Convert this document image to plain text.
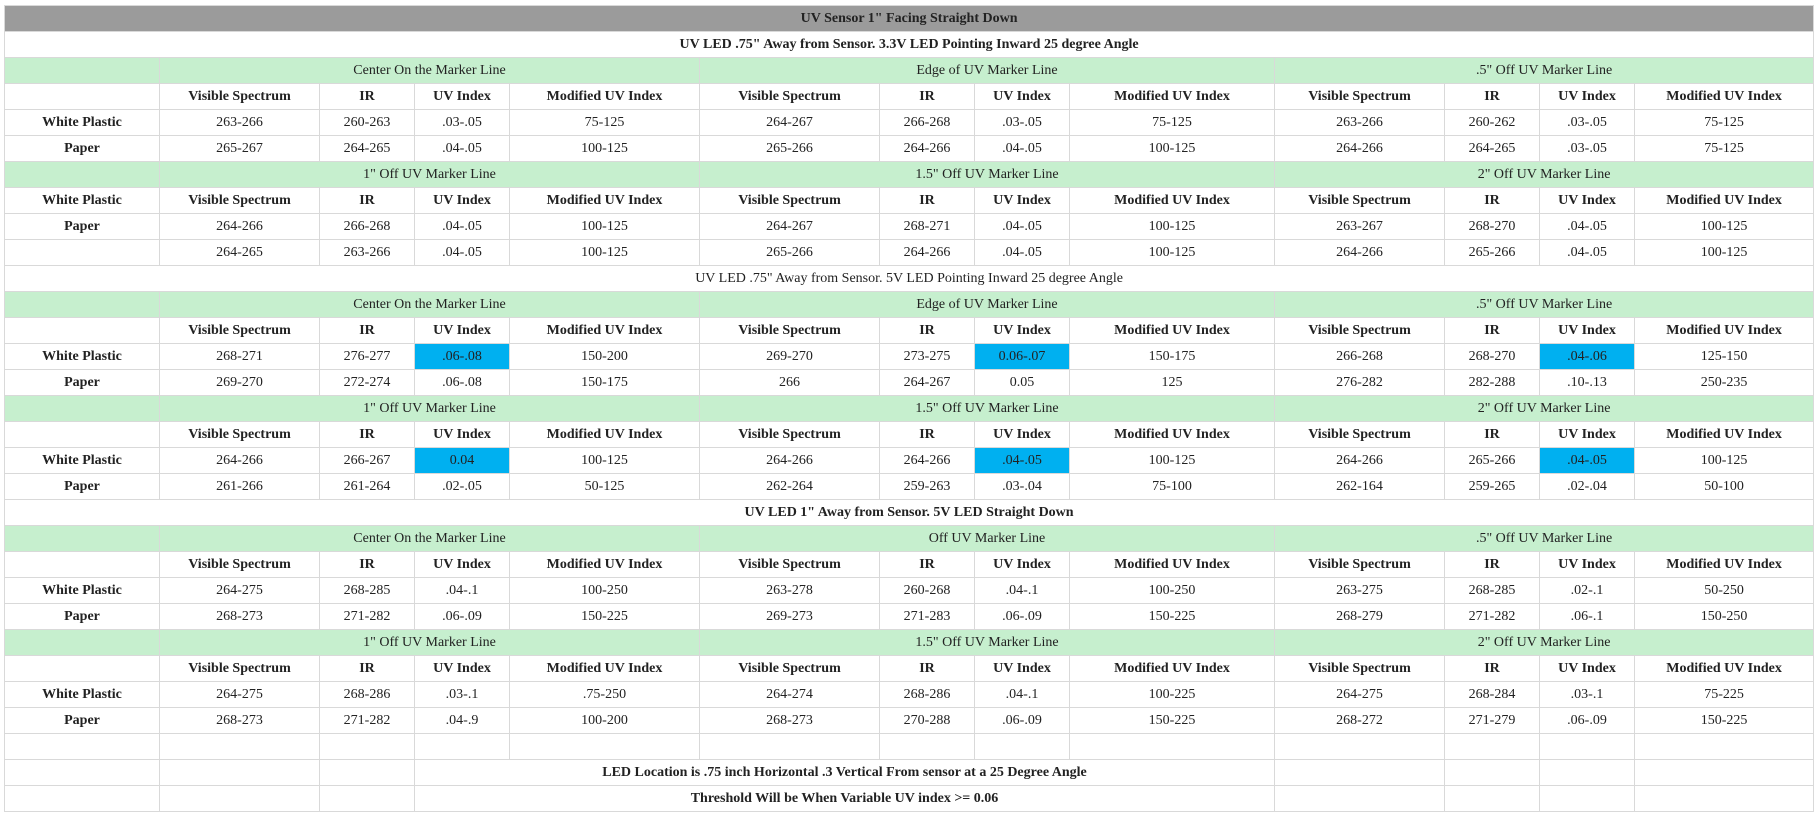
UV Sensor 1" Facing Straight Down												
UV LED .75" Away from Sensor. 3.3V LED Pointing Inward 25 degree Angle												
	Center On the Marker Line				Edge of UV Marker Line				.5" Off UV Marker Line			
	Visible Spectrum	IR	UV Index	Modified UV Index	Visible Spectrum	IR	UV Index	Modified UV Index	Visible Spectrum	IR	UV Index	Modified UV Index
White Plastic	263-266	260-263	.03-.05	75-125	264-267	266-268	.03-.05	75-125	263-266	260-262	.03-.05	75-125
Paper	265-267	264-265	.04-.05	100-125	265-266	264-266	.04-.05	100-125	264-266	264-265	.03-.05	75-125
	1" Off UV Marker Line				1.5" Off UV Marker Line				2" Off UV Marker Line			
White Plastic	Visible Spectrum	IR	UV Index	Modified UV Index	Visible Spectrum	IR	UV Index	Modified UV Index	Visible Spectrum	IR	UV Index	Modified UV Index
Paper	264-266	266-268	.04-.05	100-125	264-267	268-271	.04-.05	100-125	263-267	268-270	.04-.05	100-125
	264-265	263-266	.04-.05	100-125	265-266	264-266	.04-.05	100-125	264-266	265-266	.04-.05	100-125
UV LED .75" Away from Sensor. 5V LED Pointing Inward 25 degree Angle												
	Center On the Marker Line				Edge of UV Marker Line				.5" Off UV Marker Line			
	Visible Spectrum	IR	UV Index	Modified UV Index	Visible Spectrum	IR	UV Index	Modified UV Index	Visible Spectrum	IR	UV Index	Modified UV Index
White Plastic	268-271	276-277	.06-.08	150-200	269-270	273-275	0.06-.07	150-175	266-268	268-270	.04-.06	125-150
Paper	269-270	272-274	.06-.08	150-175	266	264-267	0.05	125	276-282	282-288	.10-.13	250-235
	1" Off UV Marker Line				1.5" Off UV Marker Line				2" Off UV Marker Line			
	Visible Spectrum	IR	UV Index	Modified UV Index	Visible Spectrum	IR	UV Index	Modified UV Index	Visible Spectrum	IR	UV Index	Modified UV Index
White Plastic	264-266	266-267	0.04	100-125	264-266	264-266	.04-.05	100-125	264-266	265-266	.04-.05	100-125
Paper	261-266	261-264	.02-.05	50-125	262-264	259-263	.03-.04	75-100	262-164	259-265	.02-.04	50-100
UV LED 1" Away from Sensor. 5V LED Straight Down												
	Center On the Marker Line				Off UV Marker Line				.5" Off UV Marker Line			
	Visible Spectrum	IR	UV Index	Modified UV Index	Visible Spectrum	IR	UV Index	Modified UV Index	Visible Spectrum	IR	UV Index	Modified UV Index
White Plastic	264-275	268-285	.04-.1	100-250	263-278	260-268	.04-.1	100-250	263-275	268-285	.02-.1	50-250
Paper	268-273	271-282	.06-.09	150-225	269-273	271-283	.06-.09	150-225	268-279	271-282	.06-.1	150-250
	1" Off UV Marker Line				1.5" Off UV Marker Line				2" Off UV Marker Line			
	Visible Spectrum	IR	UV Index	Modified UV Index	Visible Spectrum	IR	UV Index	Modified UV Index	Visible Spectrum	IR	UV Index	Modified UV Index
White Plastic	264-275	268-286	.03-.1	.75-250	264-274	268-286	.04-.1	100-225	264-275	268-284	.03-.1	75-225
Paper	268-273	271-282	.04-.9	100-200	268-273	270-288	.06-.09	150-225	268-272	271-279	.06-.09	150-225

			LED Location is .75 inch Horizontal .3 Vertical From sensor at a 25 Degree Angle									
			Threshold Will be When Variable UV index >= 0.06									
